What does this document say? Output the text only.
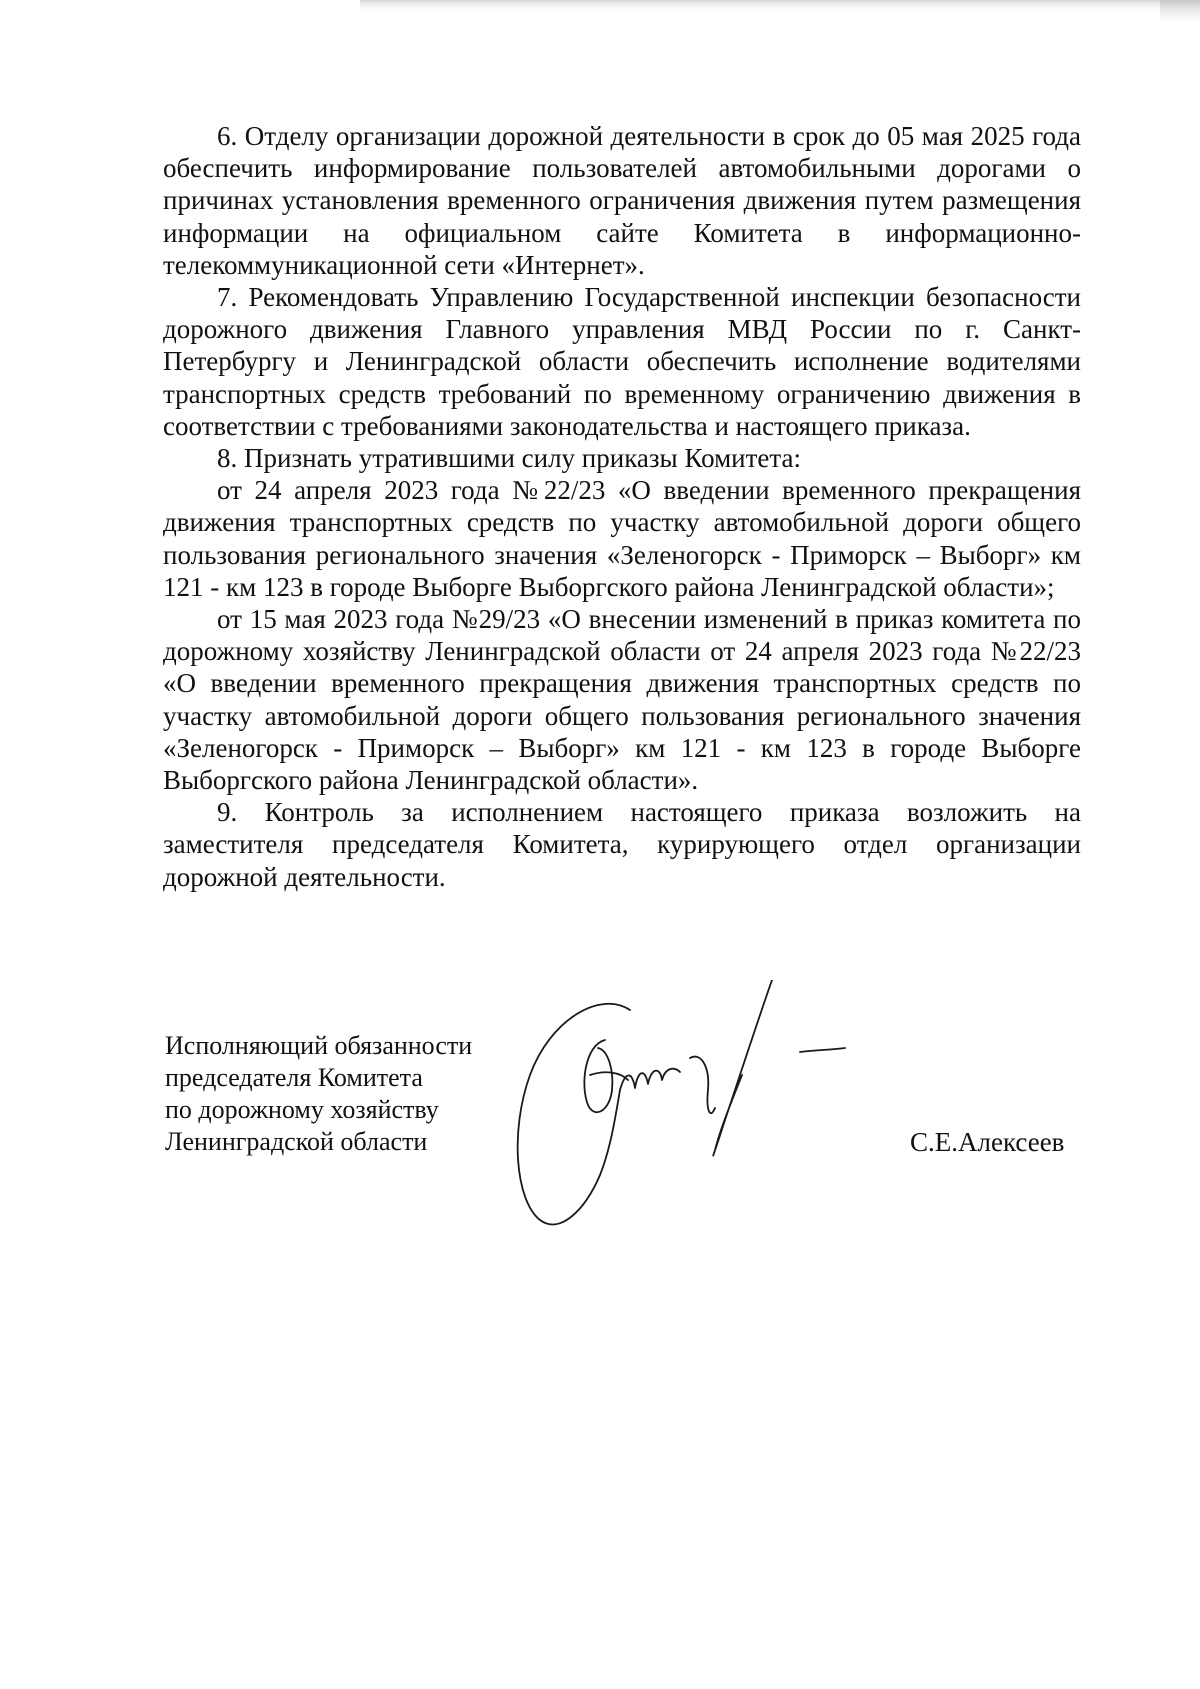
6. Отделу организации дорожной деятельности в срок до 05 мая 2025 года обеспечить информирование пользователей автомобильными дорогами о причинах установления временного ограничения движения путем размещения информации на официальном сайте Комитета в информационно-телекоммуникационной сети «Интернет».

7. Рекомендовать Управлению Государственной инспекции безопасности дорожного движения Главного управления МВД России по г. Санкт-Петербургу и Ленинградской области обеспечить исполнение водителями транспортных средств требований по временному ограничению движения в соответствии с требованиями законодательства и настоящего приказа.

8. Признать утратившими силу приказы Комитета:

от 24 апреля 2023 года №22/23 «О введении временного прекращения движения транспортных средств по участку автомобильной дороги общего пользования регионального значения «Зеленогорск - Приморск – Выборг» км 121 - км 123 в городе Выборге Выборгского района Ленинградской области»;

от 15 мая 2023 года №29/23 «О внесении изменений в приказ комитета по дорожному хозяйству Ленинградской области от 24 апреля 2023 года №22/23 «О введении временного прекращения движения транспортных средств по участку автомобильной дороги общего пользования регионального значения «Зеленогорск - Приморск – Выборг» км 121 - км 123 в городе Выборге Выборгского района Ленинградской области».

9. Контроль за исполнением настоящего приказа возложить на заместителя председателя Комитета, курирующего отдел организации дорожной деятельности.

Исполняющий обязанности
председателя Комитета
по дорожному хозяйству
Ленинградской области	С.Е.Алексеев
